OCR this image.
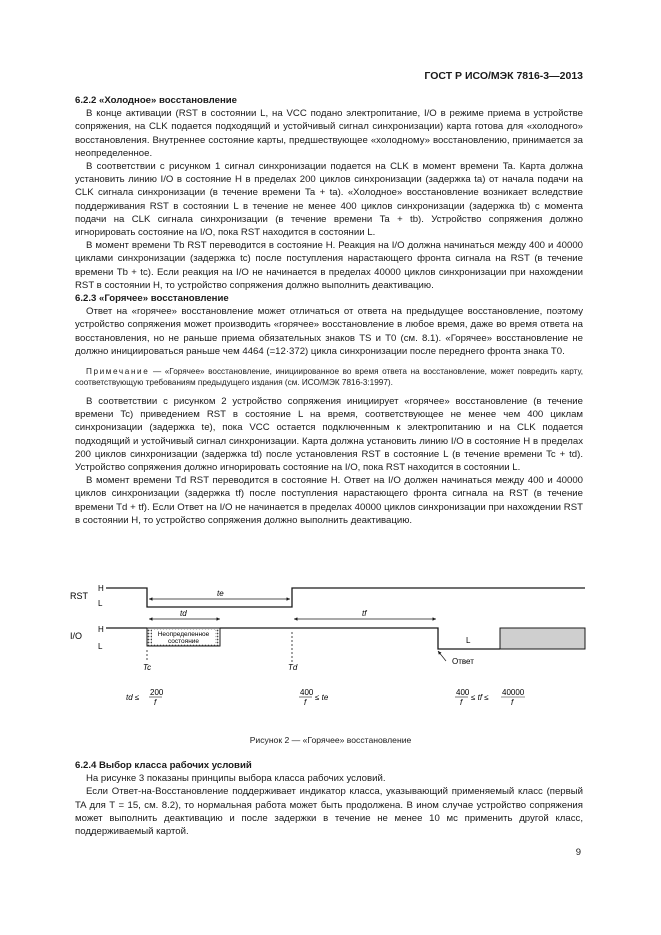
ГОСТ Р ИСО/МЭК 7816-3—2013
6.2.2 «Холодное» восстановление

В конце активации (RST в состоянии L, на VCC подано электропитание, I/O в режиме приема в устройстве сопряжения, на CLK подается подходящий и устойчивый сигнал синхронизации) карта готова для «холодного» восстановления. Внутреннее состояние карты, предшествующее «холодному» восстановлению, принимается за неопределенное.

В соответствии с рисунком 1 сигнал синхронизации подается на CLK в момент времени Ta. Карта должна установить линию I/O в состояние H в пределах 200 циклов синхронизации (задержка ta) от начала подачи на CLK сигнала синхронизации (в течение времени Ta + ta). «Холодное» восстановление возникает вследствие поддерживания RST в состоянии L в течение не менее 400 циклов синхронизации (задержка tb) с момента подачи на CLK сигнала синхронизации (в течение времени Ta + tb). Устройство сопряжения должно игнорировать состояние на I/O, пока RST находится в состоянии L.

В момент времени Tb RST переводится в состояние H. Реакция на I/O должна начинаться между 400 и 40000 циклами синхронизации (задержка tc) после поступления нарастающего фронта сигнала на RST (в течение времени Tb + tc). Если реакция на I/O не начинается в пределах 40000 циклов синхронизации при нахождении RST в состоянии H, то устройство сопряжения должно выполнить деактивацию.

6.2.3 «Горячее» восстановление

Ответ на «горячее» восстановление может отличаться от ответа на предыдущее восстановление, поэтому устройство сопряжения может производить «горячее» восстановление в любое время, даже во время ответа на восстановления, но не раньше приема обязательных знаков TS и T0 (см. 8.1). «Горячее» восстановление не должно инициироваться раньше чем 4464 (=12·372) цикла синхронизации после переднего фронта знака T0.

Примечание — «Горячее» восстановление, инициированное во время ответа на восстановление, может повредить карту, соответствующую требованиям предыдущего издания (см. ИСО/МЭК 7816-3:1997).

В соответствии с рисунком 2 устройство сопряжения инициирует «горячее» восстановление (в течение времени Tc) приведением RST в состояние L на время, соответствующее не менее чем 400 циклам синхронизации (задержка te), пока VCC остается подключенным к электропитанию и на CLK подается подходящий и устойчивый сигнал синхронизации. Карта должна установить линию I/O в состояние H в пределах 200 циклов синхронизации (задержка td) после установления RST в состояние L (в течение времени Tc + td). Устройство сопряжения должно игнорировать состояние на I/O, пока RST находится в состоянии L.

В момент времени Td RST переводится в состояние H. Ответ на I/O должен начинаться между 400 и 40000 циклов синхронизации (задержка tf) после поступления нарастающего фронта сигнала на RST (в течение времени Td + tf). Если Ответ на I/O не начинается в пределах 40000 циклов синхронизации при нахождении RST в состоянии H, то устройство сопряжения должно выполнить деактивацию.

RST
H
L
te
td	tf
I/O
H
L
Неопределенное
состояние	L
Ответ
Tc	Td
td ≤
200
f
400
f
≤ te
400
f
≤ tf ≤
40000
f
Рисунок 2 — «Горячее» восстановление
6.2.4 Выбор класса рабочих условий

На рисунке 3 показаны принципы выбора класса рабочих условий.

Если Ответ-на-Восстановление поддерживает индикатор класса, указывающий применяемый класс (первый TA для T = 15, см. 8.2), то нормальная работа может быть продолжена. В ином случае устройство сопряжения может выполнить деактивацию и после задержки в течение не менее 10 мс применить другой класс, поддерживаемый картой.

9
